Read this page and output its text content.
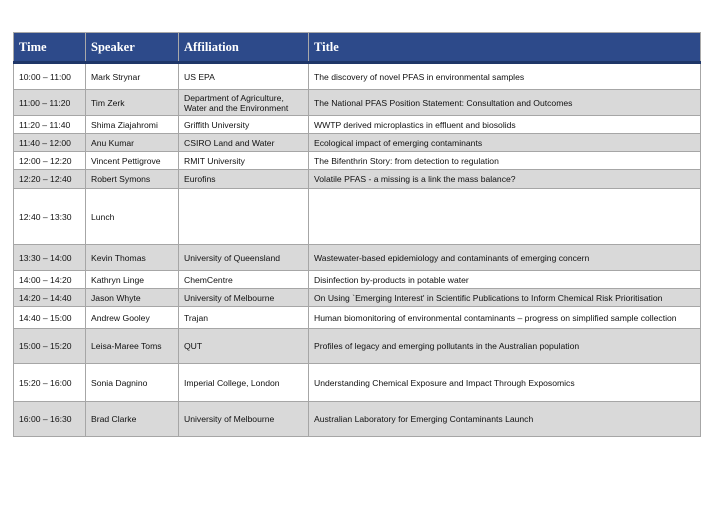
Time	Speaker	Affiliation	Title
10:00 – 11:00	Mark Strynar	US EPA	The discovery of novel PFAS in environmental samples
11:00 – 11:20	Tim Zerk	Department of Agriculture, Water and the Environment	The National PFAS Position Statement: Consultation and Outcomes
11:20 – 11:40	Shima Ziajahromi	Griffith University	WWTP derived microplastics in effluent and biosolids
11:40 – 12:00	Anu Kumar	CSIRO Land and Water	Ecological impact of emerging contaminants
12:00 – 12:20	Vincent Pettigrove	RMIT University	The Bifenthrin Story: from detection to regulation
12:20 – 12:40	Robert Symons	Eurofins	Volatile PFAS - a missing is a link the mass balance?
12:40 – 13:30	Lunch		
13:30 – 14:00	Kevin Thomas	University of Queensland	Wastewater-based epidemiology and contaminants of emerging concern
14:00 – 14:20	Kathryn Linge	ChemCentre	Disinfection by-products in potable water
14:20 – 14:40	Jason Whyte	University of Melbourne	On Using `Emerging Interest' in Scientific Publications to Inform Chemical Risk Prioritisation
14:40 – 15:00	Andrew Gooley	Trajan	Human biomonitoring of environmental contaminants – progress on simplified sample collection
15:00 – 15:20	Leisa-Maree Toms	QUT	Profiles of legacy and emerging pollutants in the Australian population
15:20 – 16:00	Sonia Dagnino	Imperial College, London	Understanding Chemical Exposure and Impact Through Exposomics
16:00 – 16:30	Brad Clarke	University of Melbourne	Australian Laboratory for Emerging Contaminants Launch
